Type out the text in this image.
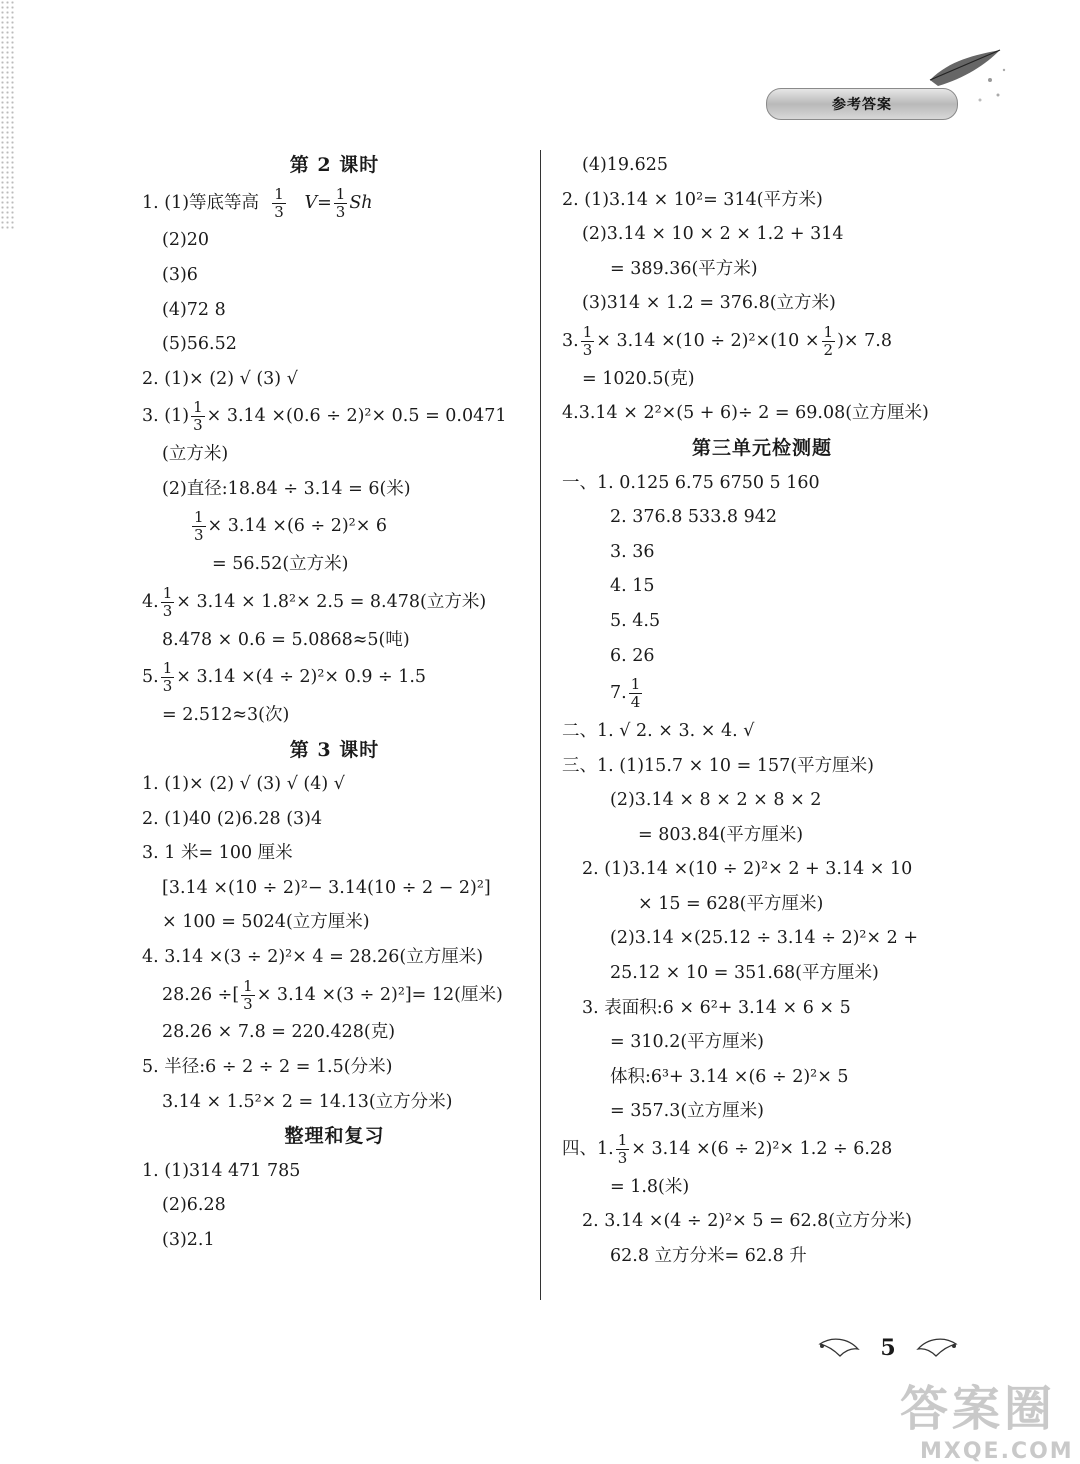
参考答案
第 2 课时
1. (1)等底等高 $\frac{1}{3} V= \frac{1}{3}$ Sh
(2)20
(3)6
(4)72 8
(5)56.52
2. (1)× (2) √ (3) √
3. $(1) \frac{1}{3} \times 3.14 \times(0.6 \div 2)^2\times 0.5 = 0.0471$
(立方米)
(2)直径:18.84 ÷ 3.14 = 6(米)
$\frac{1}{3} \times 3.14 \times(6 \div 2)^2\times 6$
= 56.52(立方米)
4. $\frac{1}{3} \times 3.14 \times 1.8^2\times 2.5 = 8.478$(立方米)
8.478 × 0.6 = 5.0868≈5(吨)
5. $\frac{1}{3} \times 3.14 \times(4 \div 2)^2\times 0.9 \div 1.5$
= 2.512≈3(次)
第 3 课时
1. (1)× (2) √ (3) √ (4) √
2. (1)40 (2)6.28 (3)4
3. 1 米= 100 厘米
[3.14 ×(10 ÷ 2)²− 3.14(10 ÷ 2 − 2)²]
× 100 = 5024(立方厘米)
4. 3.14 ×(3 ÷ 2)²× 4 = 28.26(立方厘米)
28.26 ÷[ $\frac{1}{3} \times 3.14 \times(3 \div 2)^2]= 12$(厘米)
28.26 × 7.8 = 220.428(克)
5. 半径:6 ÷ 2 ÷ 2 = 1.5(分米)
3.14 × 1.5²× 2 = 14.13(立方分米)
整理和复习
1. (1)314 471 785
(2)6.28
(3)2.1
(4)19.625
2. (1)3.14 × 10²= 314(平方米)
(2)3.14 × 10 × 2 × 1.2 + 314
= 389.36(平方米)
(3)314 × 1.2 = 376.8(立方米)
3. $\frac{1}{3} \times 3.14 \times(10 \div 2)^2\times(10 \times \frac{1}{2}$ )× 7.8
= 1020.5(克)
4.3.14 × 2²×(5 + 6)÷ 2 = 69.08(立方厘米)
第三单元检测题
一、1. 0.125 6.75 6750 5 160
2. 376.8 533.8 942
3. 36
4. 15
5. 4.5
6. 26
7. $\frac{1}{4}$
二、1. √ 2. × 3. × 4. √
三、1. (1)15.7 × 10 = 157(平方厘米)
(2)3.14 × 8 × 2 × 8 × 2
= 803.84(平方厘米)
2. (1)3.14 ×(10 ÷ 2)²× 2 + 3.14 × 10
× 15 = 628(平方厘米)
(2)3.14 ×(25.12 ÷ 3.14 ÷ 2)²× 2 +
25.12 × 10 = 351.68(平方厘米)
3. 表面积:6 × 6²+ 3.14 × 6 × 5
= 310.2(平方厘米)
体积:6³+ 3.14 ×(6 ÷ 2)²× 5
= 357.3(立方厘米)
四、1. $\frac{1}{3} \times 3.14 \times(6 \div 2)^2\times 1.2 \div 6.28$
= 1.8(米)
2. 3.14 ×(4 ÷ 2)²× 5 = 62.8(立方分米)
62.8 立方分米= 62.8 升
5
答案圈
MXQE.COM
